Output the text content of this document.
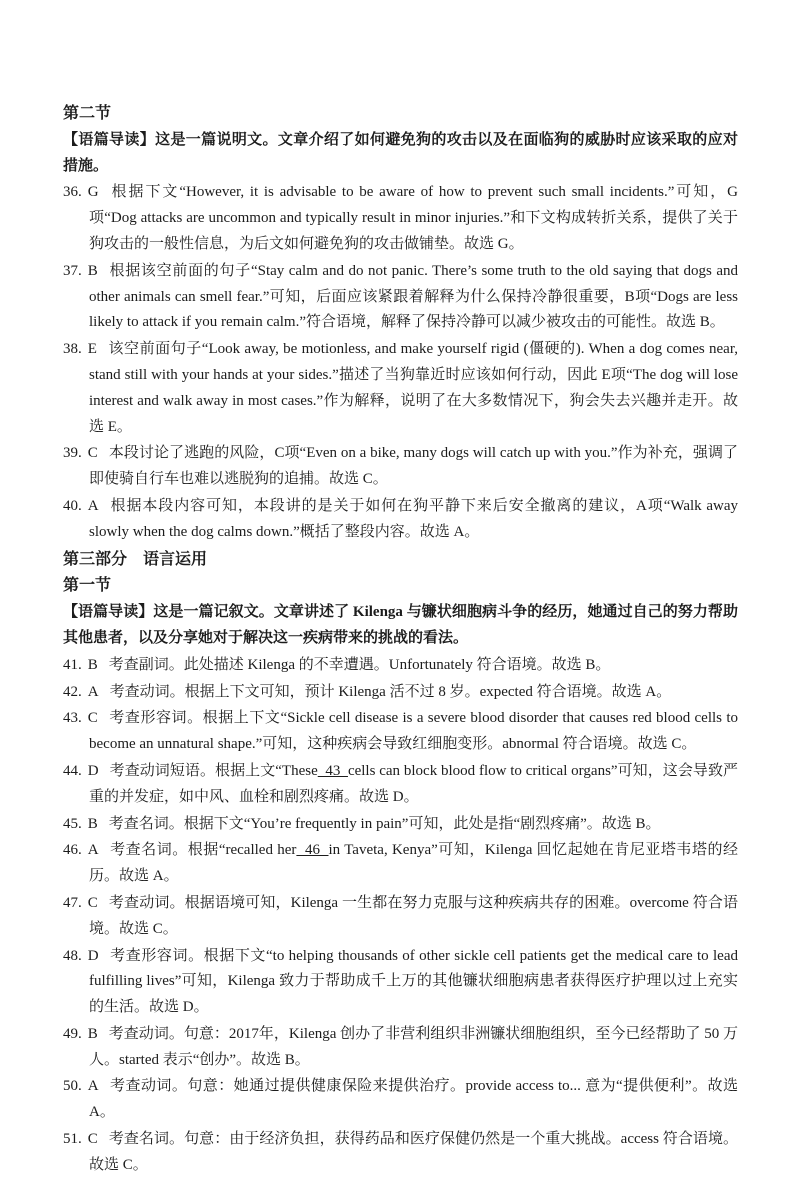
第二节

【语篇导读】这是一篇说明文。文章介绍了如何避免狗的攻击以及在面临狗的威胁时应该采取的应对措施。

36. G 根据下文“However, it is advisable to be aware of how to prevent such small incidents.”可知，G项“Dog attacks are uncommon and typically result in minor injuries.”和下文构成转折关系，提供了关于狗攻击的一般性信息，为后文如何避免狗的攻击做铺垫。故选 G。

37. B 根据该空前面的句子“Stay calm and do not panic. There’s some truth to the old saying that dogs and other animals can smell fear.”可知，后面应该紧跟着解释为什么保持冷静很重要，B项“Dogs are less likely to attack if you remain calm.”符合语境，解释了保持冷静可以减少被攻击的可能性。故选 B。

38. E 该空前面句子“Look away, be motionless, and make yourself rigid (僵硬的). When a dog comes near, stand still with your hands at your sides.”描述了当狗靠近时应该如何行动，因此 E项“The dog will lose interest and walk away in most cases.”作为解释，说明了在大多数情况下，狗会失去兴趣并走开。故选 E。

39. C 本段讨论了逃跑的风险，C项“Even on a bike, many dogs will catch up with you.”作为补充，强调了即使骑自行车也难以逃脱狗的追捕。故选 C。

40. A 根据本段内容可知，本段讲的是关于如何在狗平静下来后安全撤离的建议，A项“Walk away slowly when the dog calms down.”概括了整段内容。故选 A。

第三部分　语言运用

第一节

【语篇导读】这是一篇记叙文。文章讲述了 Kilenga 与镰状细胞病斗争的经历，她通过自己的努力帮助其他患者，以及分享她对于解决这一疾病带来的挑战的看法。

41. B 考查副词。此处描述 Kilenga 的不幸遭遇。Unfortunately 符合语境。故选 B。

42. A 考查动词。根据上下文可知，预计 Kilenga 活不过 8 岁。expected 符合语境。故选 A。

43. C 考查形容词。根据上下文“Sickle cell disease is a severe blood disorder that causes red blood cells to become an unnatural shape.”可知，这种疾病会导致红细胞变形。abnormal 符合语境。故选 C。

44. D 考查动词短语。根据上文“These  43  cells can block blood flow to critical organs”可知，这会导致严重的并发症，如中风、血栓和剧烈疼痛。故选 D。

45. B 考查名词。根据下文“You’re frequently in pain”可知，此处是指“剧烈疼痛”。故选 B。

46. A 考查名词。根据“recalled her  46  in Taveta, Kenya”可知，Kilenga 回忆起她在肯尼亚塔韦塔的经历。故选 A。

47. C 考查动词。根据语境可知，Kilenga 一生都在努力克服与这种疾病共存的困难。overcome 符合语境。故选 C。

48. D 考查形容词。根据下文“to helping thousands of other sickle cell patients get the medical care to lead fulfilling lives”可知，Kilenga 致力于帮助成千上万的其他镰状细胞病患者获得医疗护理以过上充实的生活。故选 D。

49. B 考查动词。句意：2017年，Kilenga 创办了非营利组织非洲镰状细胞组织，至今已经帮助了 50 万人。started 表示“创办”。故选 B。

50. A 考查动词。句意：她通过提供健康保险来提供治疗。provide access to... 意为“提供便利”。故选 A。

51. C 考查名词。句意：由于经济负担，获得药品和医疗保健仍然是一个重大挑战。access 符合语境。故选 C。
